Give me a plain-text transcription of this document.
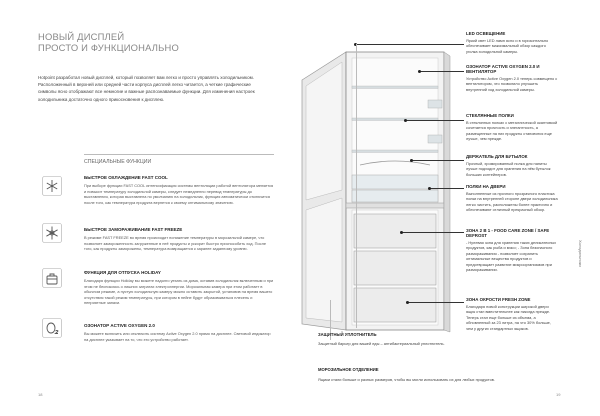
НОВЫЙ ДИСПЛЕЙ
ПРОСТО И ФУНКЦИОНАЛЬНО
Hotpoint разработал новый дисплей, который позволяет вам легко и просто управлять холодильником. Расположенный в верхней или средней части корпуса дисплей легко читается, а четкие графические символы ясно отображают все немногие и важные распознаваемые функции. Для изменения настроек холодильника достаточно одного прикосновения к дисплею.
СПЕЦИАЛЬНЫЕ ФУНКЦИИ
БЫСТРОЕ ОХЛАЖДЕНИЕ FAST COOL
При выборе функции FAST COOL интенсификация системы вентиляции работой вентилятора меняется и повысит температуру холодильной камеры, следует немедленно перевод температуры до выставления, которая выставлена по умолчанию на холодильник, функция автоматически отключится после того, как температура продукта вернется к своему оптимальному значению.
БЫСТРОЕ ЗАМОРАЖИВАНИЕ FAST FREEZE
В режиме FAST FREEZE во время происходит понижение температуры в морозильной камере, что позволяет замороженность загруженные в неё продукты и ускорит быстро приспособить ход. После того, как продукты заморожены, температура возвращается к заранее заданному уровню.
ФУНКЦИЯ ДЛЯ ОТПУСКА HOLIDAY
Благодаря функции Holiday вы можете надолго уехать из дома, оставив холодильник включенным и при этом не беспокоясь о лишних затратах электроэнергии. Морозильная камера при этом работает в обычном режиме, а пустую холодильную камеру можно оставить закрытой, установив на время вашего отсутствия такой режим температуры, при котором в нейне будут образовываться плесень и неприятные запахи.
ОЗОНАТОР ACTIVE OXYGEN 2.0
Вы можете включить или отключить систему Active Oxygen 2.0 прямо на дисплее. Световой индикатор на дисплее указывает на то, что это устройство работает.
LED ОСВЕЩЕНИЕ
Яркий свет LED ламп ясно и в горизонтально обеспечивает максимальный обзор каждого уголка холодильной камеры.
ОЗОНАТОР ACTIVE OXYGEN 2.0 И ВЕНТИЛЯТОР
Устройство Active Oxygen 2.0 теперь совмещено с вентилятором, что позволило улучшить внутренний ход холодильной камеры.
СТЕКЛЯННЫЕ ПОЛКИ
В стеклянных полках с металлической окантовкой сочетается прочность и элегантность, а размещенные на них продукты становятся еще лучше, чем прежде.
ДЕРЖАТЕЛЬ ДЛЯ БУТЫЛОК
Прочный, хромированный полка для напиты лучше подходит для хранения на нём бутылок больших контейнеров.
ПОЛКИ НА ДВЕРИ
Выполненные из прочного прозрачного пластика полки на внутренней стороне двери холодильника легко чистить, расположены более практично и обеспечивают отличный прекрасный обзор.
ЗОНА 2 В 1 - FOOD CARE ZONE / SAFE DEFROST
- Нулевая зона для хранения таких деликатесных продуктов, как рыба и мясо; - Зона безопасного размораживания - позволяет сохранить оптимальные вещества продуктов и предотвращает развитие микроорганизмов при размораживании.
ЗОНА ОКРОСТИ FRESH ZONE
Благодаря новой конструкции широкой двери ящик стал вместительнее как никогда прежде. Теперь стал еще больше из объема, а обновленный за 23 литра, на что 30% больше, чем у других стандартных ящиков.
ЗАЩИТНЫЙ УПЛОТНИТЕЛЬ
Защитный барьер для вашей еды – антибактериальный уплотнитель.
МОРОЗИЛЬНОЕ ОТДЕЛЕНИЕ
Ящики стали больше и разных размеров, чтобы вы могли использовать их для любых продуктов.
Холодильники
18	19
